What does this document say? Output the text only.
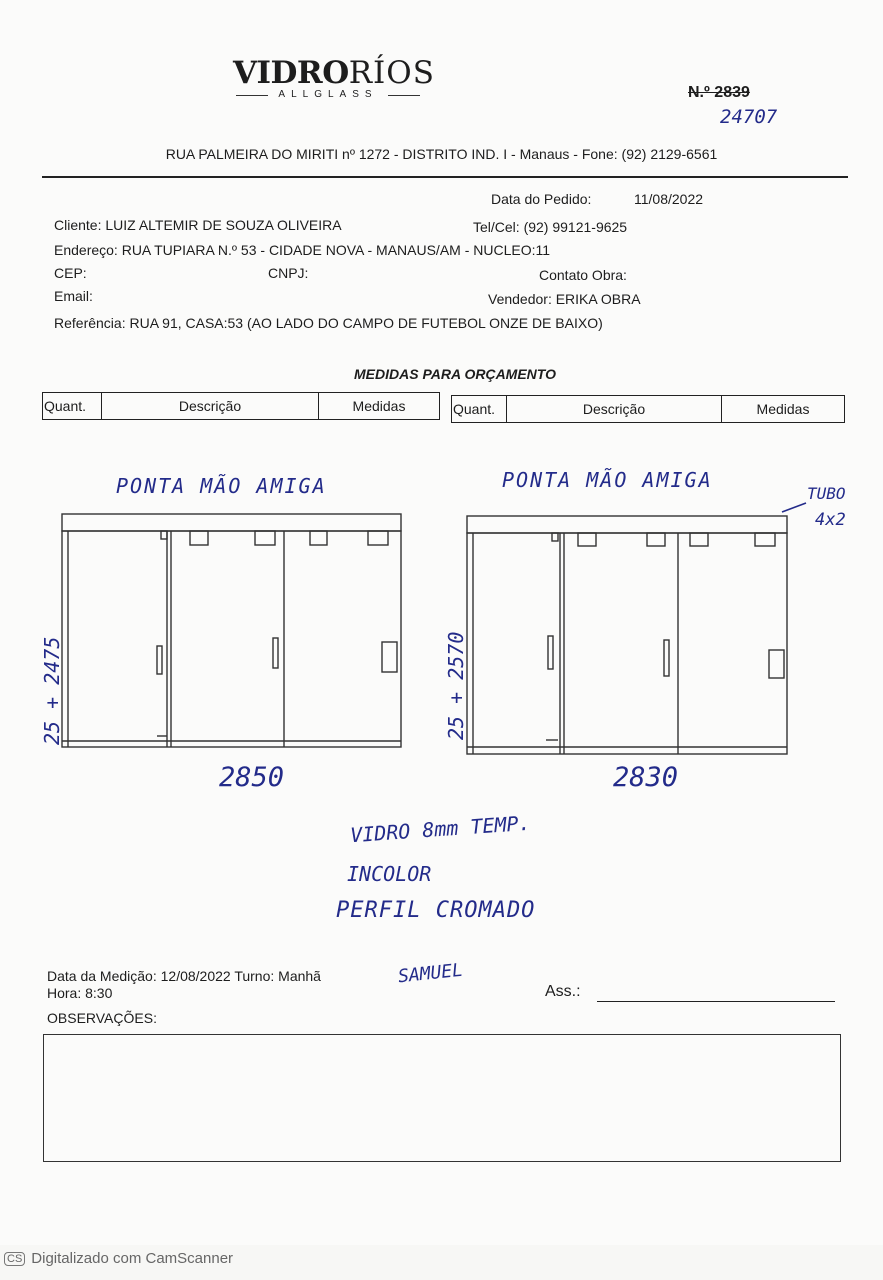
VIDRORÍOS
ALLGLASS	N.º 2839
24707
RUA PALMEIRA DO MIRITI nº 1272 - DISTRITO IND. I - Manaus - Fone: (92) 2129-6561
Data do Pedido:	11/08/2022
Cliente: LUIZ ALTEMIR DE SOUZA OLIVEIRA	Tel/Cel: (92) 99121-9625
Endereço: RUA TUPIARA N.º 53 - CIDADE NOVA - MANAUS/AM - NUCLEO:11
CEP:	CNPJ:	Contato Obra:
Email:	Vendedor: ERIKA OBRA
Referência: RUA 91, CASA:53 (AO LADO DO CAMPO DE FUTEBOL ONZE DE BAIXO)
MEDIDAS PARA ORÇAMENTO
Quant.	Descrição	Medidas	Quant.	Descrição	Medidas
PONTA MÃO AMIGA	PONTA MÃO AMIGA
25 + 2475	25 + 2570
2850	2830
TUBO
4x2
VIDRO 8mm TEMP.
INCOLOR
PERFIL CROMADO
Data da Medição: 12/08/2022 Turno: Manhã
Hora: 8:30
SAMUEL
Ass.:
OBSERVAÇÕES:
CS Digitalizado com CamScanner
